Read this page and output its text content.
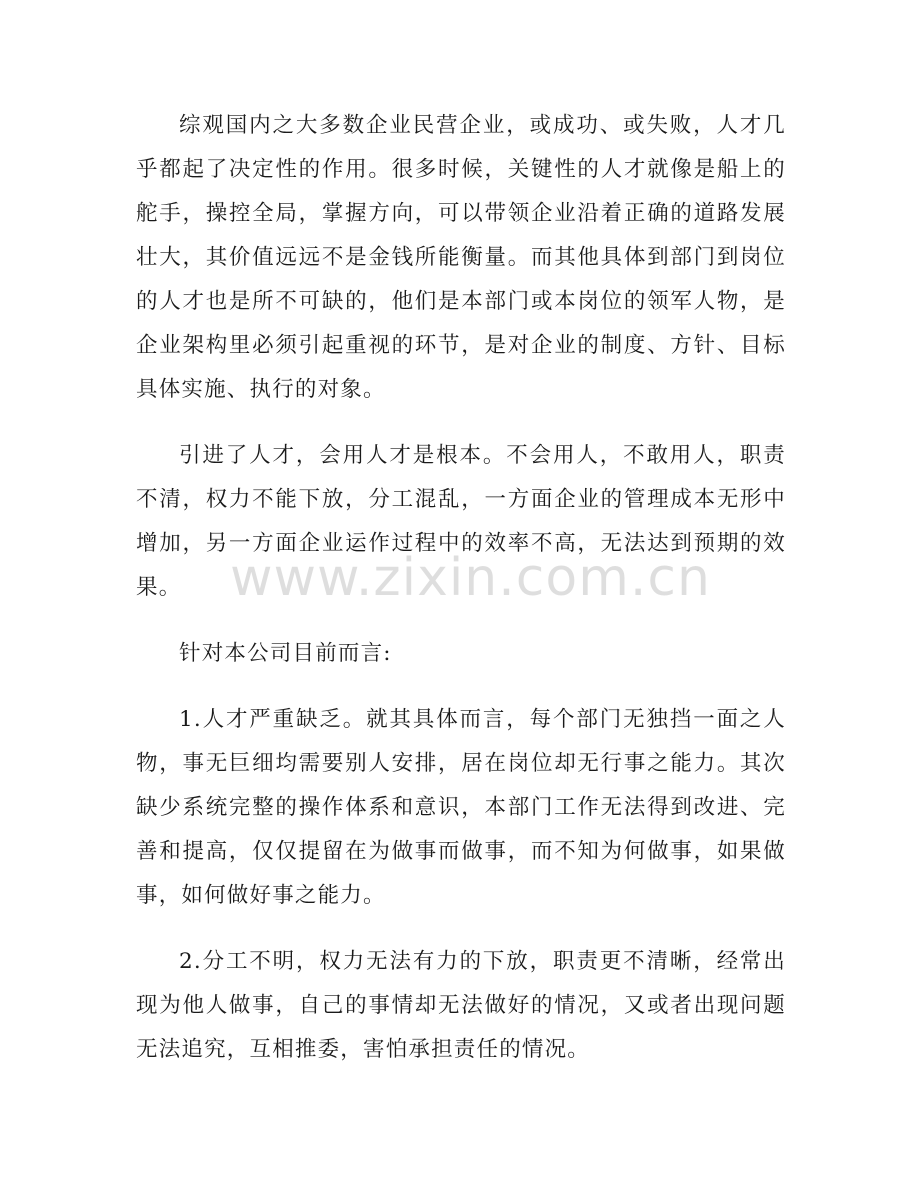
综观国内之大多数企业民营企业，或成功、或失败，人才几乎都起了决定性的作用。很多时候，关键性的人才就像是船上的舵手，操控全局，掌握方向，可以带领企业沿着正确的道路发展壮大，其价值远远不是金钱所能衡量。而其他具体到部门到岗位的人才也是所不可缺的，他们是本部门或本岗位的领军人物，是企业架构里必须引起重视的环节，是对企业的制度、方针、目标具体实施、执行的对象。

引进了人才，会用人才是根本。不会用人，不敢用人，职责不清，权力不能下放，分工混乱，一方面企业的管理成本无形中增加，另一方面企业运作过程中的效率不高，无法达到预期的效果。

针对本公司目前而言:

1.人才严重缺乏。就其具体而言，每个部门无独挡一面之人物，事无巨细均需要别人安排，居在岗位却无行事之能力。其次缺少系统完整的操作体系和意识，本部门工作无法得到改进、完善和提高，仅仅提留在为做事而做事，而不知为何做事，如果做事，如何做好事之能力。

2.分工不明，权力无法有力的下放，职责更不清晰，经常出现为他人做事，自己的事情却无法做好的情况，又或者出现问题无法追究，互相推委，害怕承担责任的情况。

www.zixin.com.cn
